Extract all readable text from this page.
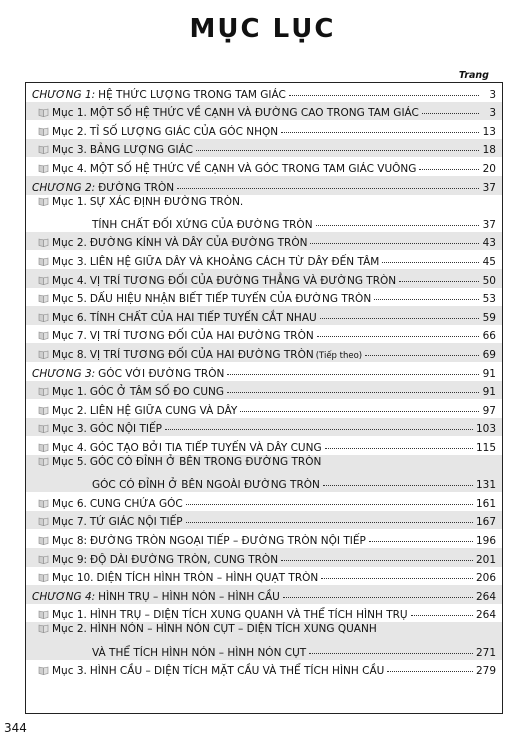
MỤC LỤC
Trang
CHƯƠNG 1: HỆ THỨC LƯỢNG TRONG TAM GIÁC	3
Mục 1. MỘT SỐ HỆ THỨC VỀ CẠNH VÀ ĐƯỜNG CAO TRONG TAM GIÁC	3
Mục 2. TỈ SỐ LƯỢNG GIÁC CỦA GÓC NHỌN	13
Mục 3. BẢNG LƯỢNG GIÁC	18
Mục 4. MỘT SỐ HỆ THỨC VỀ CẠNH VÀ GÓC TRONG TAM GIÁC VUÔNG	20
CHƯƠNG 2: ĐƯỜNG TRÒN	37
Mục 1. SỰ XÁC ĐỊNH ĐƯỜNG TRÒN.
TÍNH CHẤT ĐỐI XỨNG CỦA ĐƯỜNG TRÒN	37
Mục 2. ĐƯỜNG KÍNH VÀ DÂY CỦA ĐƯỜNG TRÒN	43
Mục 3. LIÊN HỆ GIỮA DÂY VÀ KHOẢNG CÁCH TỪ DÂY ĐẾN TÂM	45
Mục 4. VỊ TRÍ TƯƠNG ĐỐI CỦA ĐƯỜNG THẲNG VÀ ĐƯỜNG TRÒN	50
Mục 5. DẤU HIỆU NHẬN BIẾT TIẾP TUYẾN CỦA ĐƯỜNG TRÒN	53
Mục 6. TÍNH CHẤT CỦA HAI TIẾP TUYẾN CẮT NHAU	59
Mục 7. VỊ TRÍ TƯƠNG ĐỐI CỦA HAI ĐƯỜNG TRÒN	66
Mục 8. VỊ TRÍ TƯƠNG ĐỐI CỦA HAI ĐƯỜNG TRÒN (Tiếp theo)	69
CHƯƠNG 3: GÓC VỚI ĐƯỜNG TRÒN	91
Mục 1. GÓC Ở TÂM SỐ ĐO CUNG	91
Mục 2. LIÊN HỆ GIỮA CUNG VÀ DÂY	97
Mục 3. GÓC NỘI TIẾP	103
Mục 4. GÓC TẠO BỞI TIA TIẾP TUYẾN VÀ DÂY CUNG	115
Mục 5. GÓC CÓ ĐỈNH Ở BÊN TRONG ĐƯỜNG TRÒN
GÓC CÓ ĐỈNH Ở BÊN NGOÀI ĐƯỜNG TRÒN	131
Mục 6. CUNG CHỨA GÓC	161
Mục 7. TỨ GIÁC NỘI TIẾP	167
Mục 8: ĐƯỜNG TRÒN NGOẠI TIẾP – ĐƯỜNG TRÒN NỘI TIẾP	196
Mục 9: ĐỘ DÀI ĐƯỜNG TRÒN, CUNG TRÒN	201
Mục 10. DIỆN TÍCH HÌNH TRÒN – HÌNH QUẠT TRÒN	206
CHƯƠNG 4: HÌNH TRỤ – HÌNH NÓN – HÌNH CẦU	264
Mục 1. HÌNH TRỤ – DIỆN TÍCH XUNG QUANH VÀ THỂ TÍCH HÌNH TRỤ	264
Mục 2. HÌNH NÓN – HÌNH NÓN CỤT – DIỆN TÍCH XUNG QUANH
VÀ THỂ TÍCH HÌNH NÓN – HÌNH NÓN CỤT	271
Mục 3. HÌNH CẦU – DIỆN TÍCH MẶT CẦU VÀ THỂ TÍCH HÌNH CẦU	279
344
